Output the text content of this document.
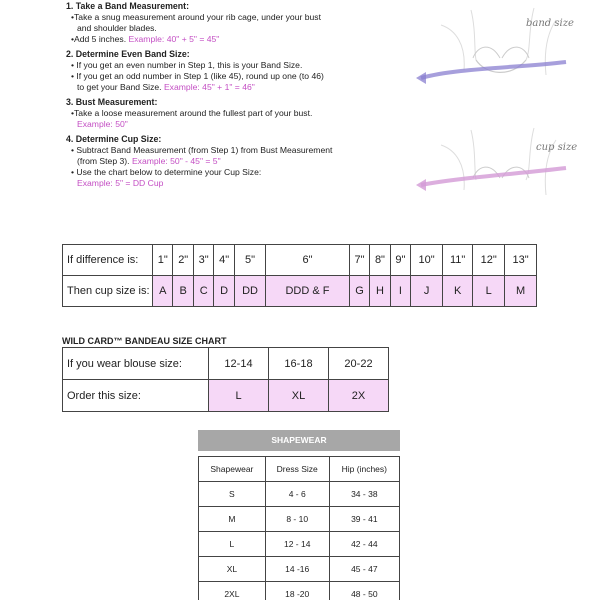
1. Take a Band Measurement:
•Take a snug measurement around your rib cage, under your bust
and shoulder blades.
•Add 5 inches. Example: 40" + 5" = 45"
2. Determine Even Band Size:
• If you get an even number in Step 1, this is your Band Size.
• If you get an odd number in Step 1 (like 45), round up one (to 46)
to get your Band Size. Example: 45" + 1" = 46"
3. Bust Measurement:
•Take a loose measurement around the fullest part of your bust.
Example: 50"
4. Determine Cup Size:
• Subtract Band Measurement (from Step 1) from Bust Measurement
(from Step 3). Example: 50" - 45" = 5"
• Use the chart below to determine your Cup Size:
Example: 5" = DD Cup
band size
cup size
If difference is:	1"	2"	3"	4"	5"	6"	7"	8"	9"	10"	11"	12"	13"
Then cup size is:	A	B	C	D	DD	DDD & F	G	H	I	J	K	L	M
WILD CARD™ BANDEAU SIZE CHART
If you wear blouse size:	12-14	16-18	20-22
Order this size:	L	XL	2X
SHAPEWEAR
Shapewear	Dress Size	Hip (inches)
S	4 - 6	34 - 38
M	8 - 10	39 - 41
L	12 - 14	42 - 44
XL	14 -16	45 - 47
2XL	18 -20	48 - 50
